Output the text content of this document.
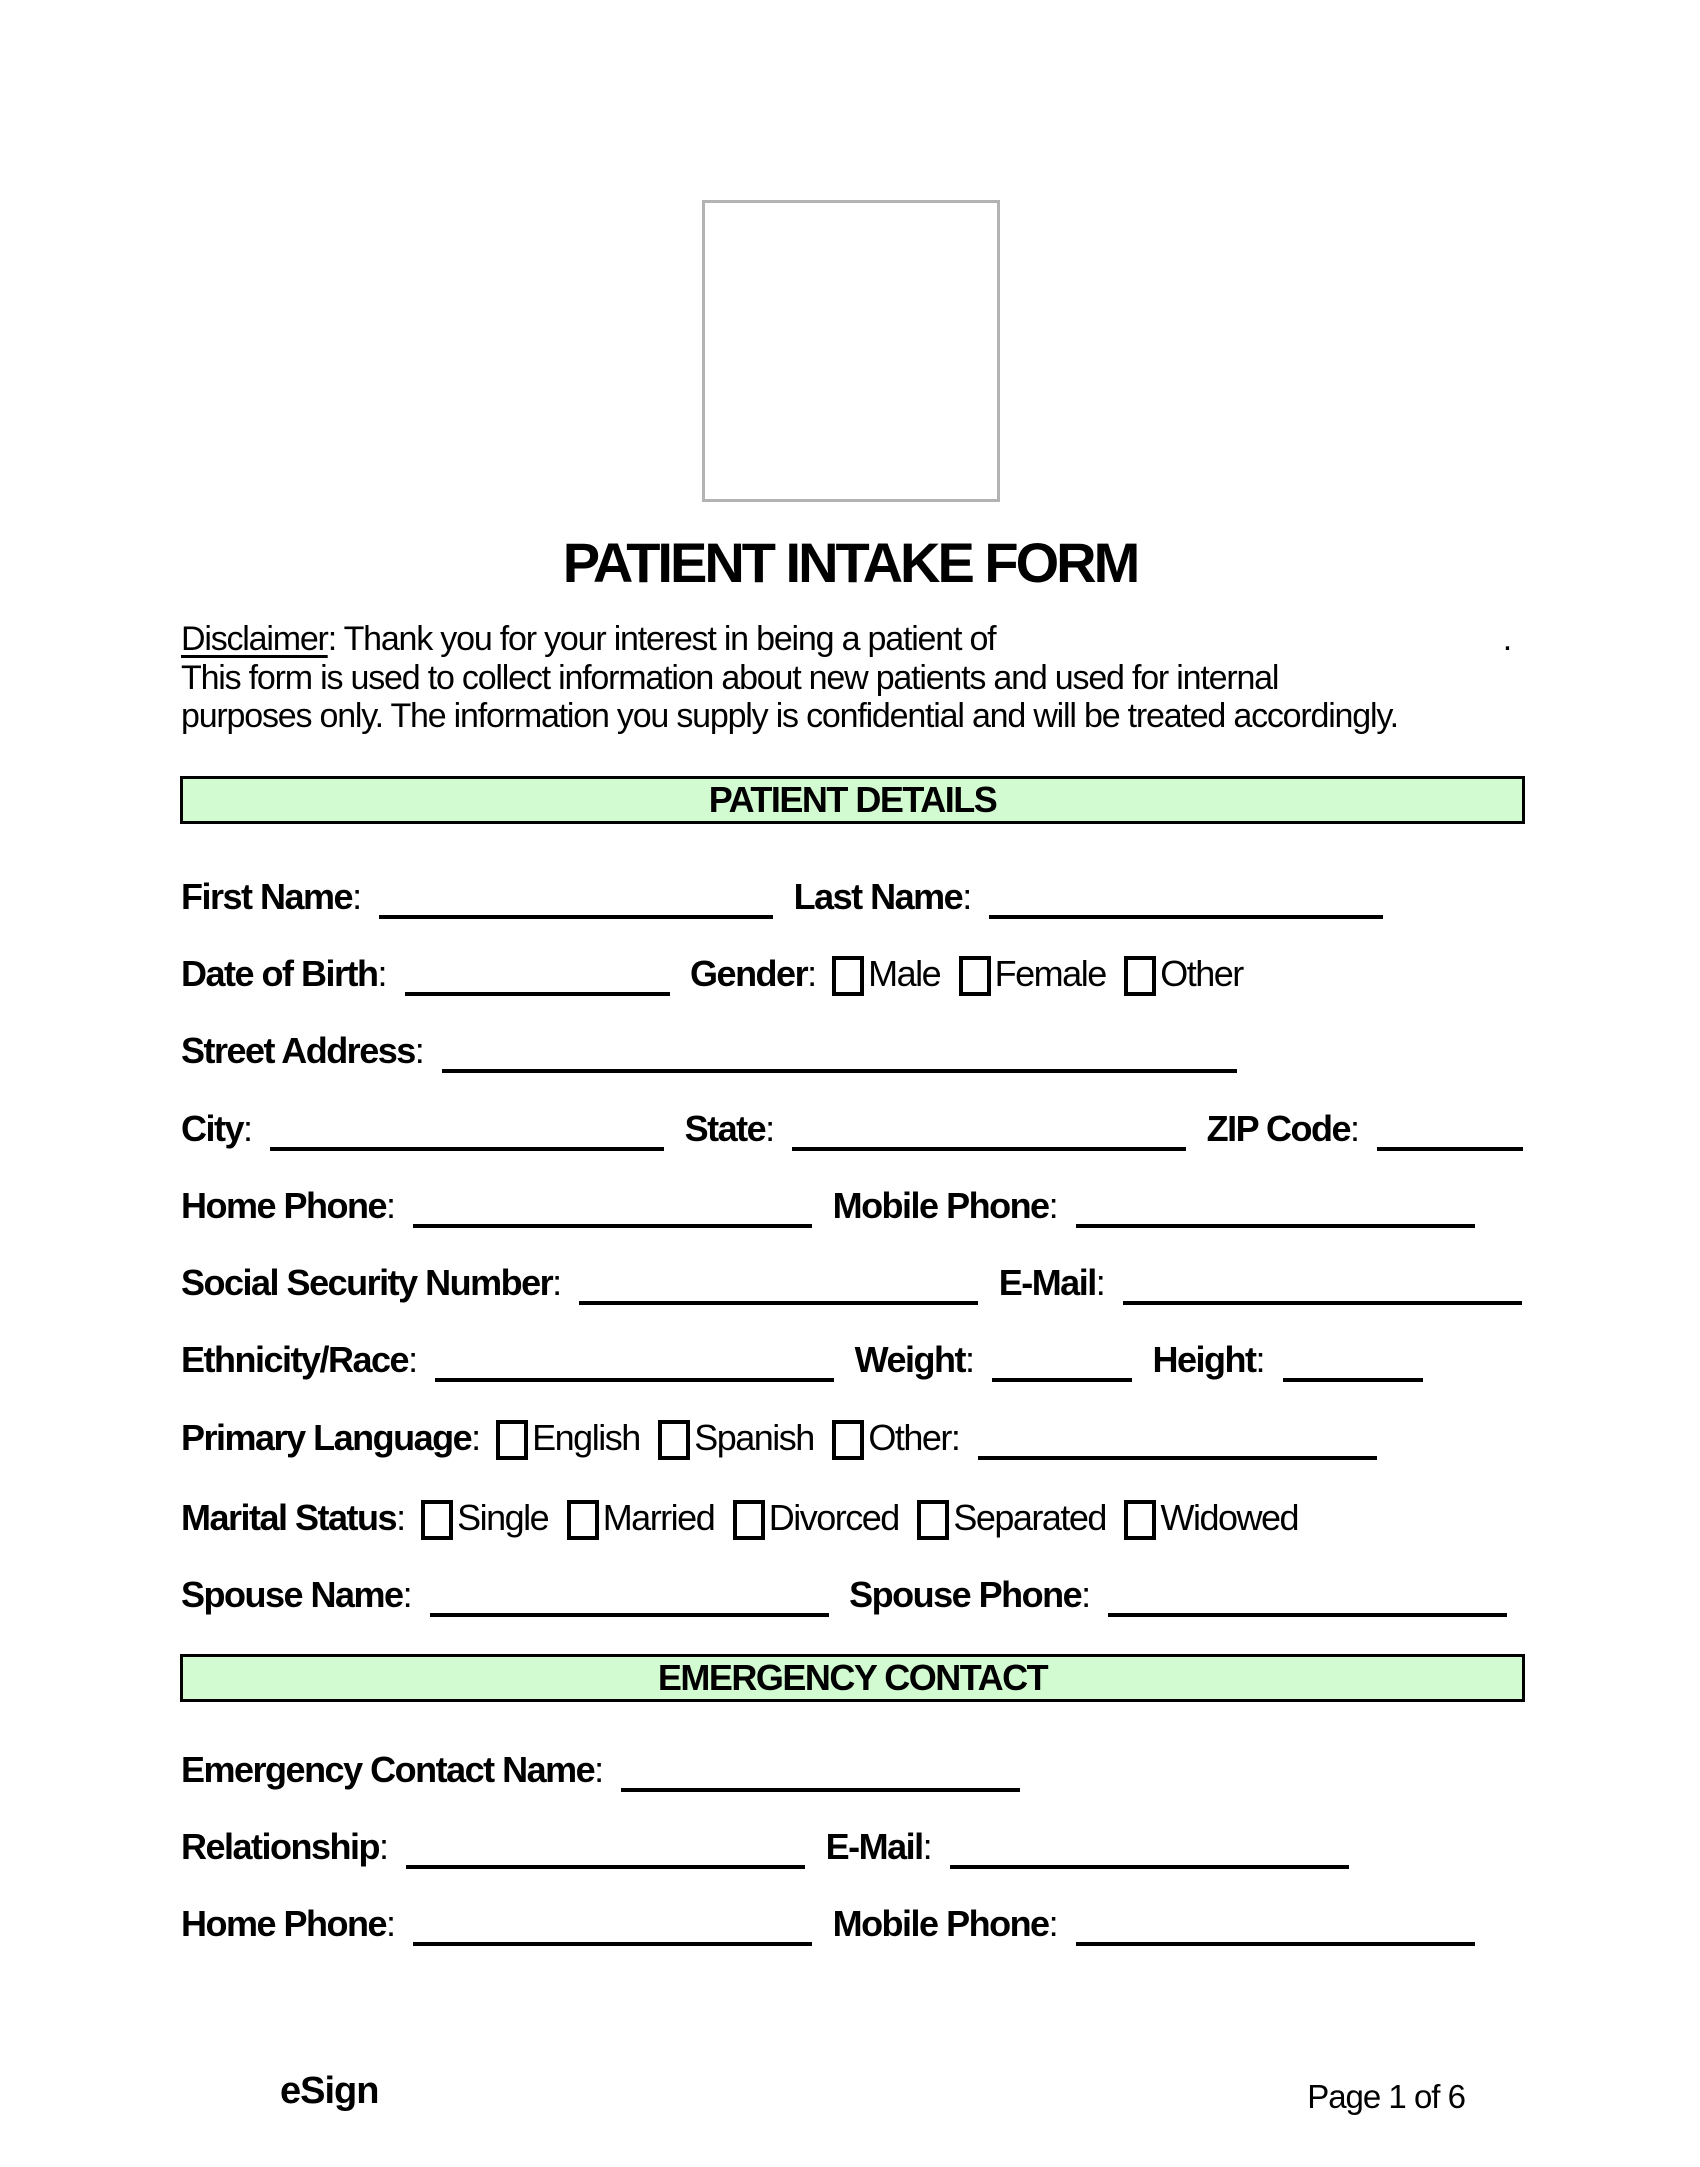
PATIENT INTAKE FORM
Disclaimer: Thank you for your interest in being a patient of	.
This form is used to collect information about new patients and used for internal
purposes only. The information you supply is confidential and will be treated accordingly.
PATIENT DETAILS
First Name:	Last Name:
Date of Birth:	Gender: Male Female Other
Street Address:
City:	State:	ZIP Code:
Home Phone:	Mobile Phone:
Social Security Number:	E-Mail:
Ethnicity/Race:	Weight:	Height:
Primary Language: English Spanish Other:
Marital Status: Single Married Divorced Separated Widowed
Spouse Name:	Spouse Phone:
EMERGENCY CONTACT
Emergency Contact Name:
Relationship:	E-Mail:
Home Phone:	Mobile Phone:
eSign	Page 1 of 6
